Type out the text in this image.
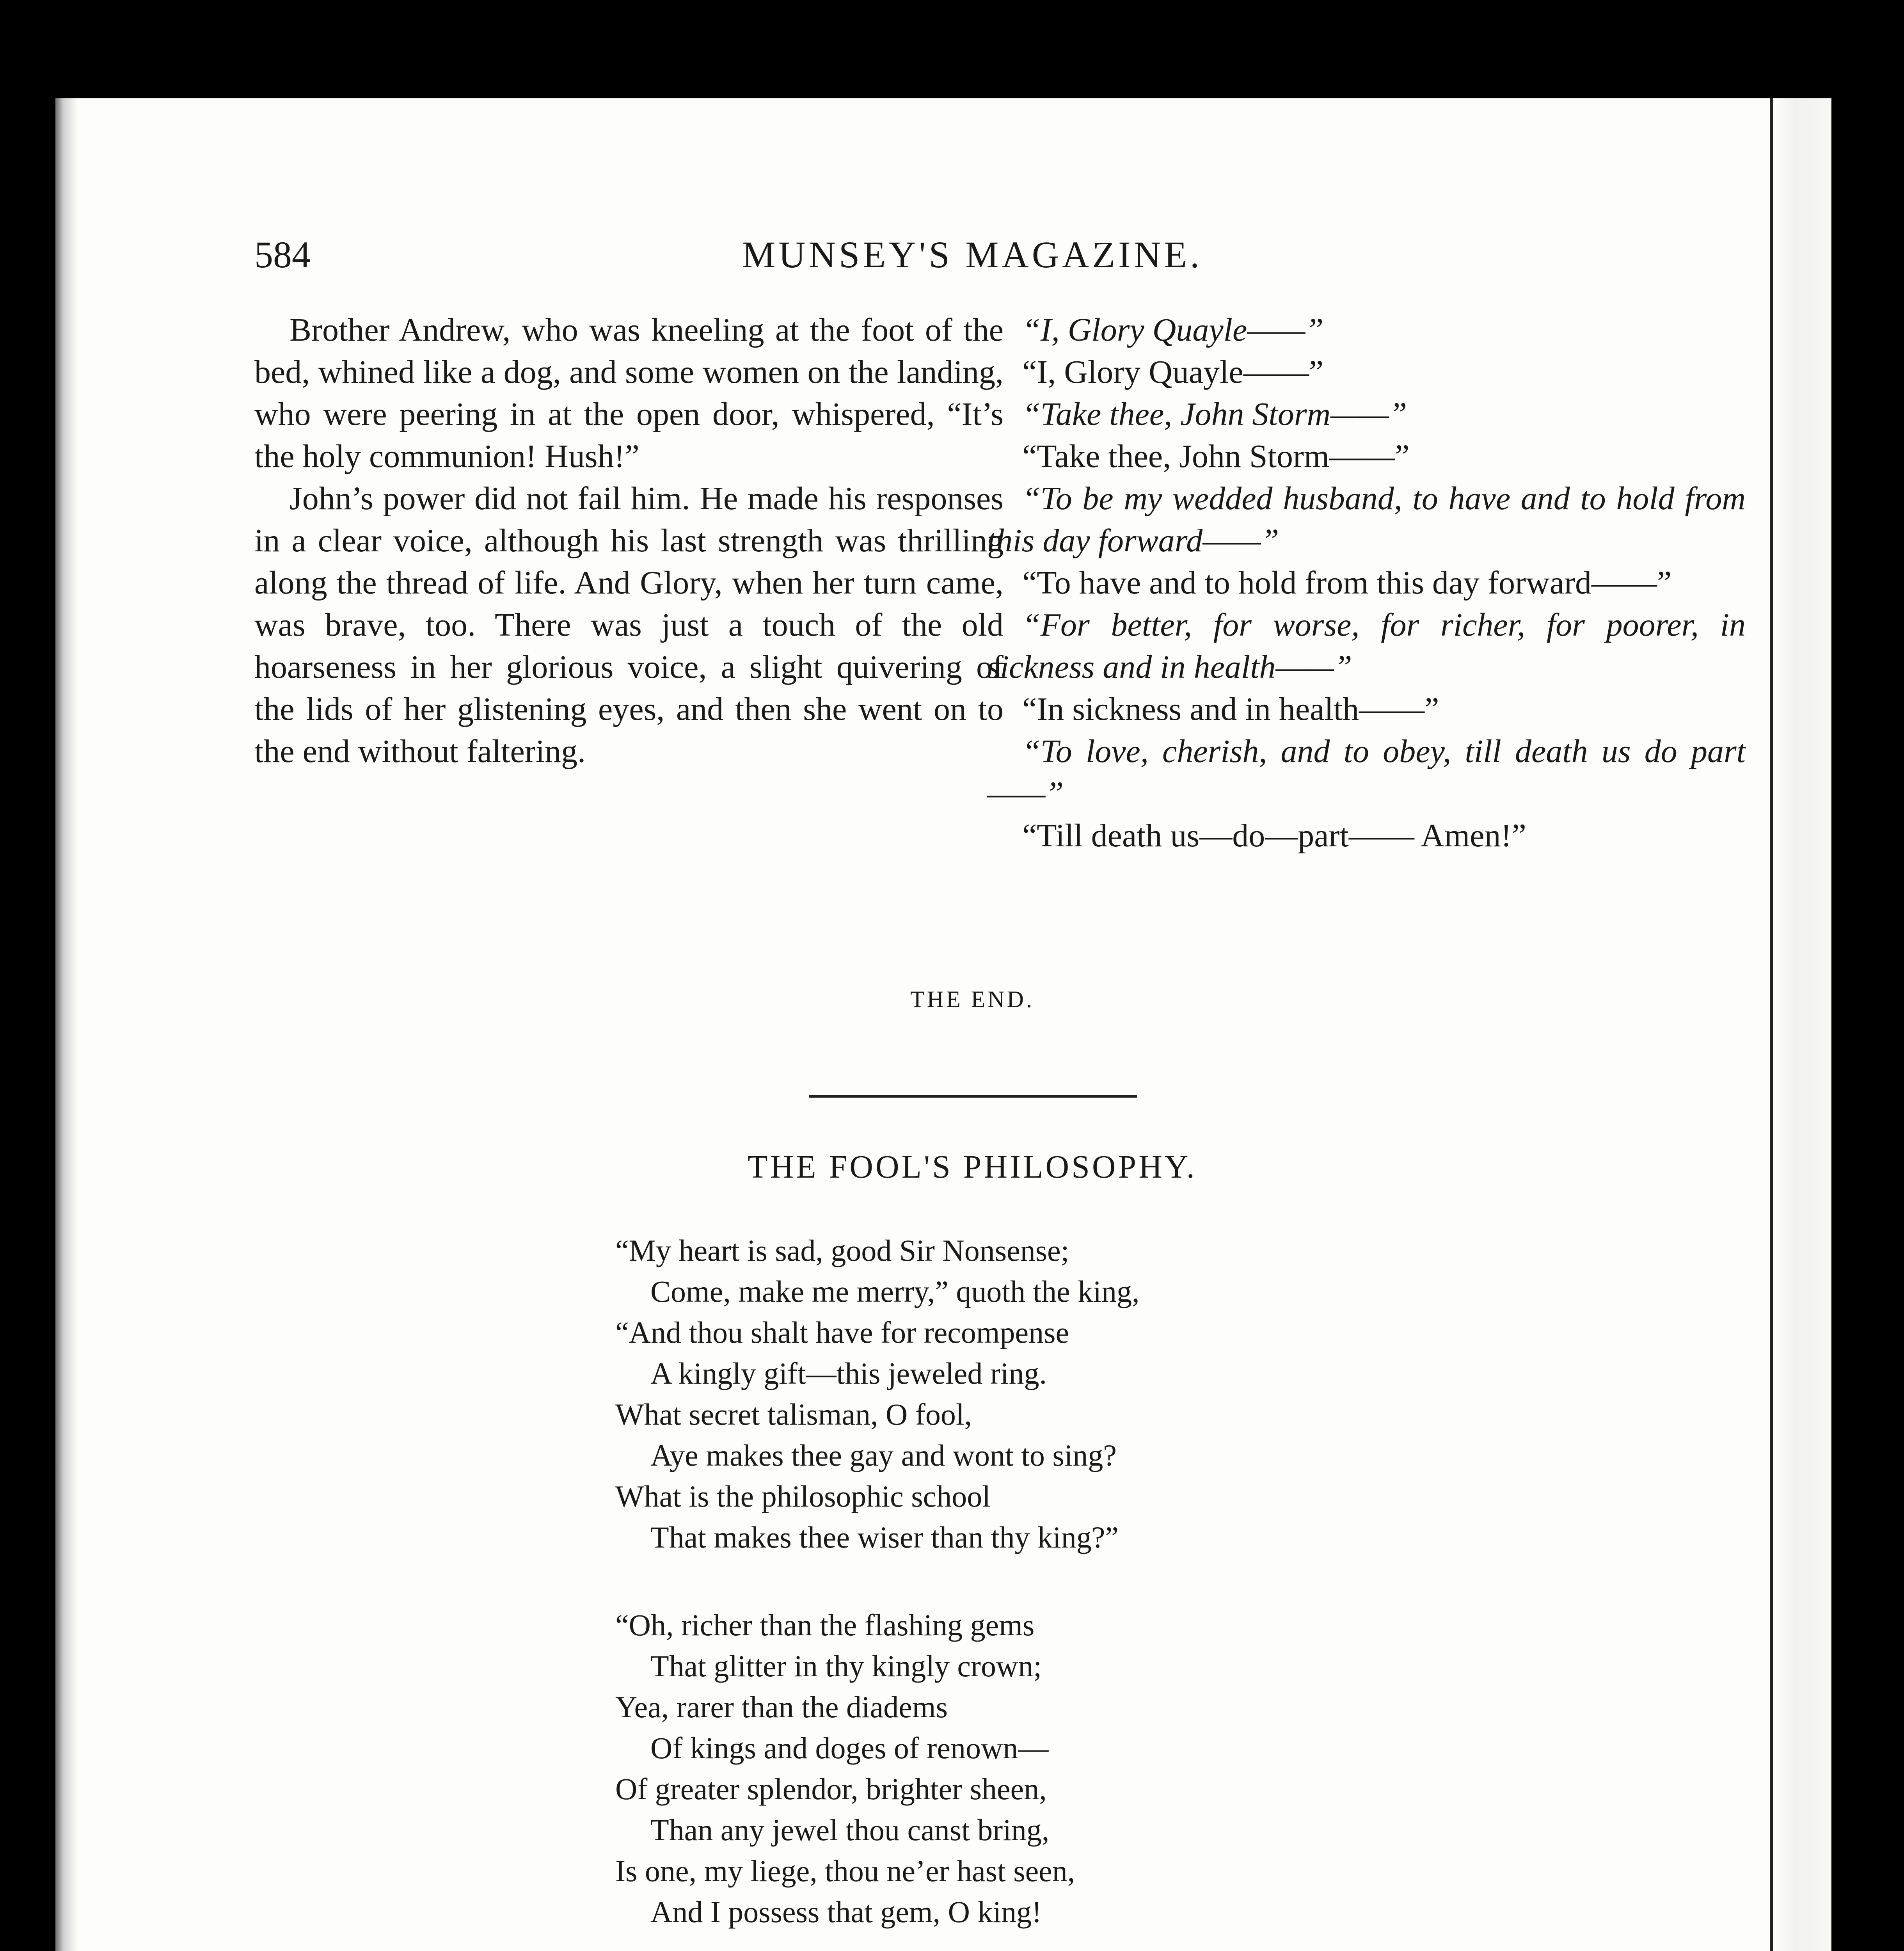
584	MUNSEY'S MAGAZINE.

Brother Andrew, who was kneeling at the foot of the bed, whined like a dog, and some women on the landing, who were peering in at the open door, whispered, “It’s the holy communion! Hush!”

John’s power did not fail him. He made his responses in a clear voice, although his last strength was thrilling along the thread of life. And Glory, when her turn came, was brave, too. There was just a touch of the old hoarseness in her glorious voice, a slight quivering of the lids of her glistening eyes, and then she went on to the end without faltering.

“I, Glory Quayle——”

“I, Glory Quayle——”

“Take thee, John Storm——”

“Take thee, John Storm——”

“To be my wedded husband, to have and to hold from this day forward——”

“To have and to hold from this day forward——”

“For better, for worse, for richer, for poorer, in sickness and in health——”

“In sickness and in health——”

“To love, cherish, and to obey, till death us do part——”

“Till death us—do—part—— Amen!”

THE END.
THE FOOL'S PHILOSOPHY.
“My heart is sad, good Sir Nonsense;
Come, make me merry,” quoth the king,
“And thou shalt have for recompense
A kingly gift—this jeweled ring.
What secret talisman, O fool,
Aye makes thee gay and wont to sing?
What is the philosophic school
That makes thee wiser than thy king?”
“Oh, richer than the flashing gems
That glitter in thy kingly crown;
Yea, rarer than the diadems
Of kings and doges of renown—
Of greater splendor, brighter sheen,
Than any jewel thou canst bring,
Is one, my liege, thou ne’er hast seen,
And I possess that gem, O king!
